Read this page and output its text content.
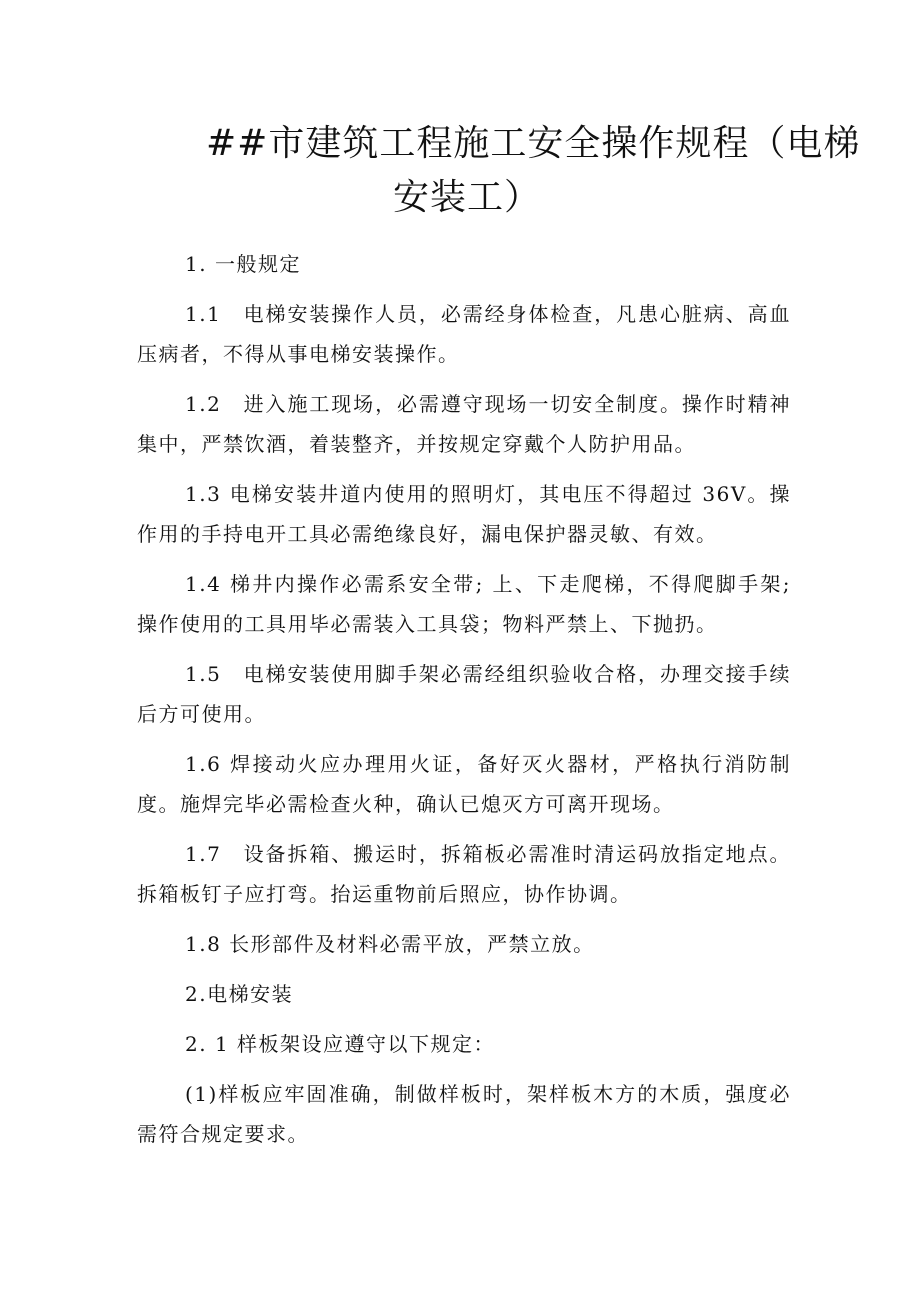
##市建筑工程施工安全操作规程（电梯
安装工）

1. 一般规定

1.1　电梯安装操作人员，必需经身体检查，凡患心脏病、高血压病者，不得从事电梯安装操作。

1.2　进入施工现场，必需遵守现场一切安全制度。操作时精神集中，严禁饮酒，着装整齐，并按规定穿戴个人防护用品。

1.3 电梯安装井道内使用的照明灯，其电压不得超过 36V。操作用的手持电开工具必需绝缘良好，漏电保护器灵敏、有效。

1.4 梯井内操作必需系安全带; 上、下走爬梯，不得爬脚手架; 操作使用的工具用毕必需装入工具袋；物料严禁上、下抛扔。

1.5　电梯安装使用脚手架必需经组织验收合格，办理交接手续后方可使用。

1.6 焊接动火应办理用火证，备好灭火器材，严格执行消防制度。施焊完毕必需检查火种，确认已熄灭方可离开现场。

1.7　设备拆箱、搬运时，拆箱板必需准时清运码放指定地点。拆箱板钉子应打弯。抬运重物前后照应，协作协调。

1.8 长形部件及材料必需平放，严禁立放。

2.电梯安装

2. 1 样板架设应遵守以下规定：

(1)样板应牢固准确，制做样板时，架样板木方的木质，强度必需符合规定要求。
